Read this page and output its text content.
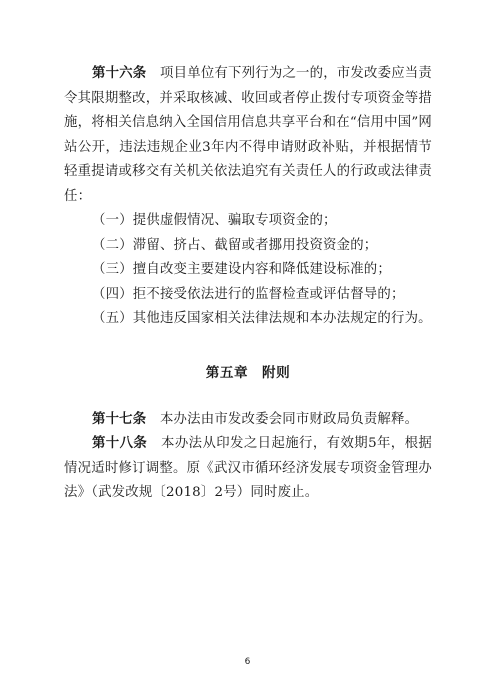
第十六条　 项目单位有下列行为之一的，市发改委应当责令其限期整改，并采取核减、收回或者停止拨付专项资金等措施，将相关信息纳入全国信用信息共享平台和在“信用中国”网站公开，违法违规企业3年内不得申请财政补贴，并根据情节轻重提请或移交有关机关依法追究有关责任人的行政或法律责任：

（一）提供虚假情况、骗取专项资金的；

（二）滞留、挤占、截留或者挪用投资资金的；

（三）擅自改变主要建设内容和降低建设标准的；

（四）拒不接受依法进行的监督检查或评估督导的；

（五）其他违反国家相关法律法规和本办法规定的行为。

第五章 附则

第十七条　 本办法由市发改委会同市财政局负责解释。

第十八条　 本办法从印发之日起施行，有效期5年，根据情况适时修订调整。原《武汉市循环经济发展专项资金管理办法》（武发改规〔2018〕2号）同时废止。

6
